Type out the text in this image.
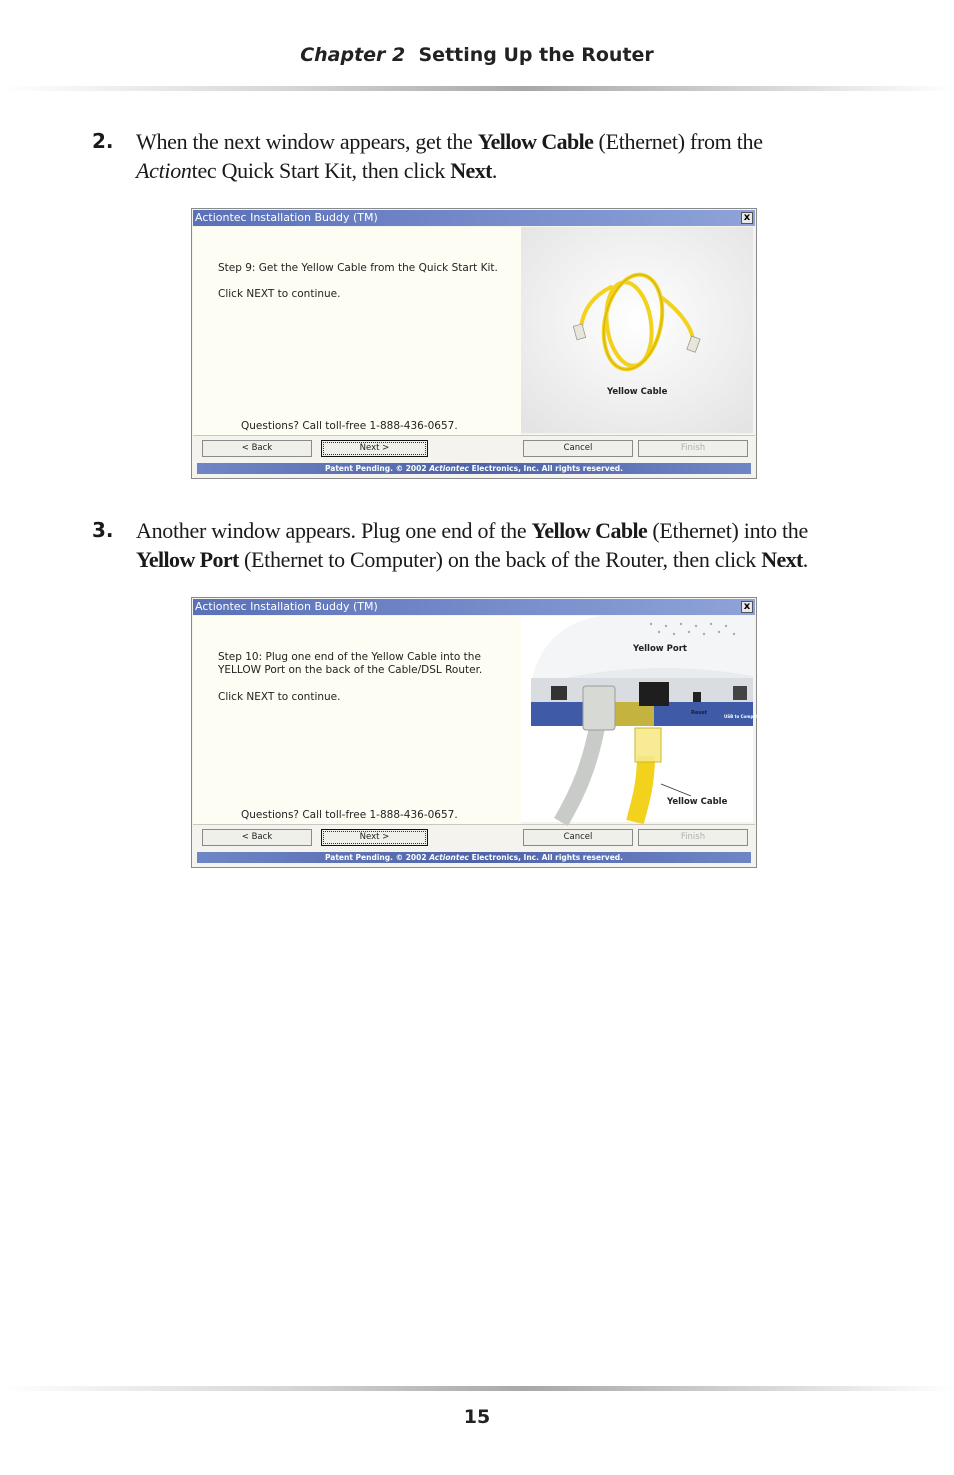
Chapter 2 Setting Up the Router
2. When the next window appears, get the Yellow Cable (Ethernet) from the
Actiontec Quick Start Kit, then click Next.
Actiontec Installation Buddy (TM)	x
Step 9: Get the Yellow Cable from the Quick Start Kit.
Click NEXT to continue.
Questions? Call toll-free 1-888-436-0657.
Yellow Cable
< Back	Next >	Cancel	Finish
Patent Pending. © 2002 Actiontec Electronics, Inc. All rights reserved.
3. Another window appears. Plug one end of the Yellow Cable (Ethernet) into the
Yellow Port (Ethernet to Computer) on the back of the Router, then click Next.
Actiontec Installation Buddy (TM)	x
Step 10: Plug one end of the Yellow Cable into the
YELLOW Port on the back of the Cable/DSL Router.
Click NEXT to continue.
Questions? Call toll-free 1-888-436-0657.
Yellow Port
Reset
USB to Computer
Yellow Cable
< Back	Next >	Cancel	Finish
Patent Pending. © 2002 Actiontec Electronics, Inc. All rights reserved.
15
